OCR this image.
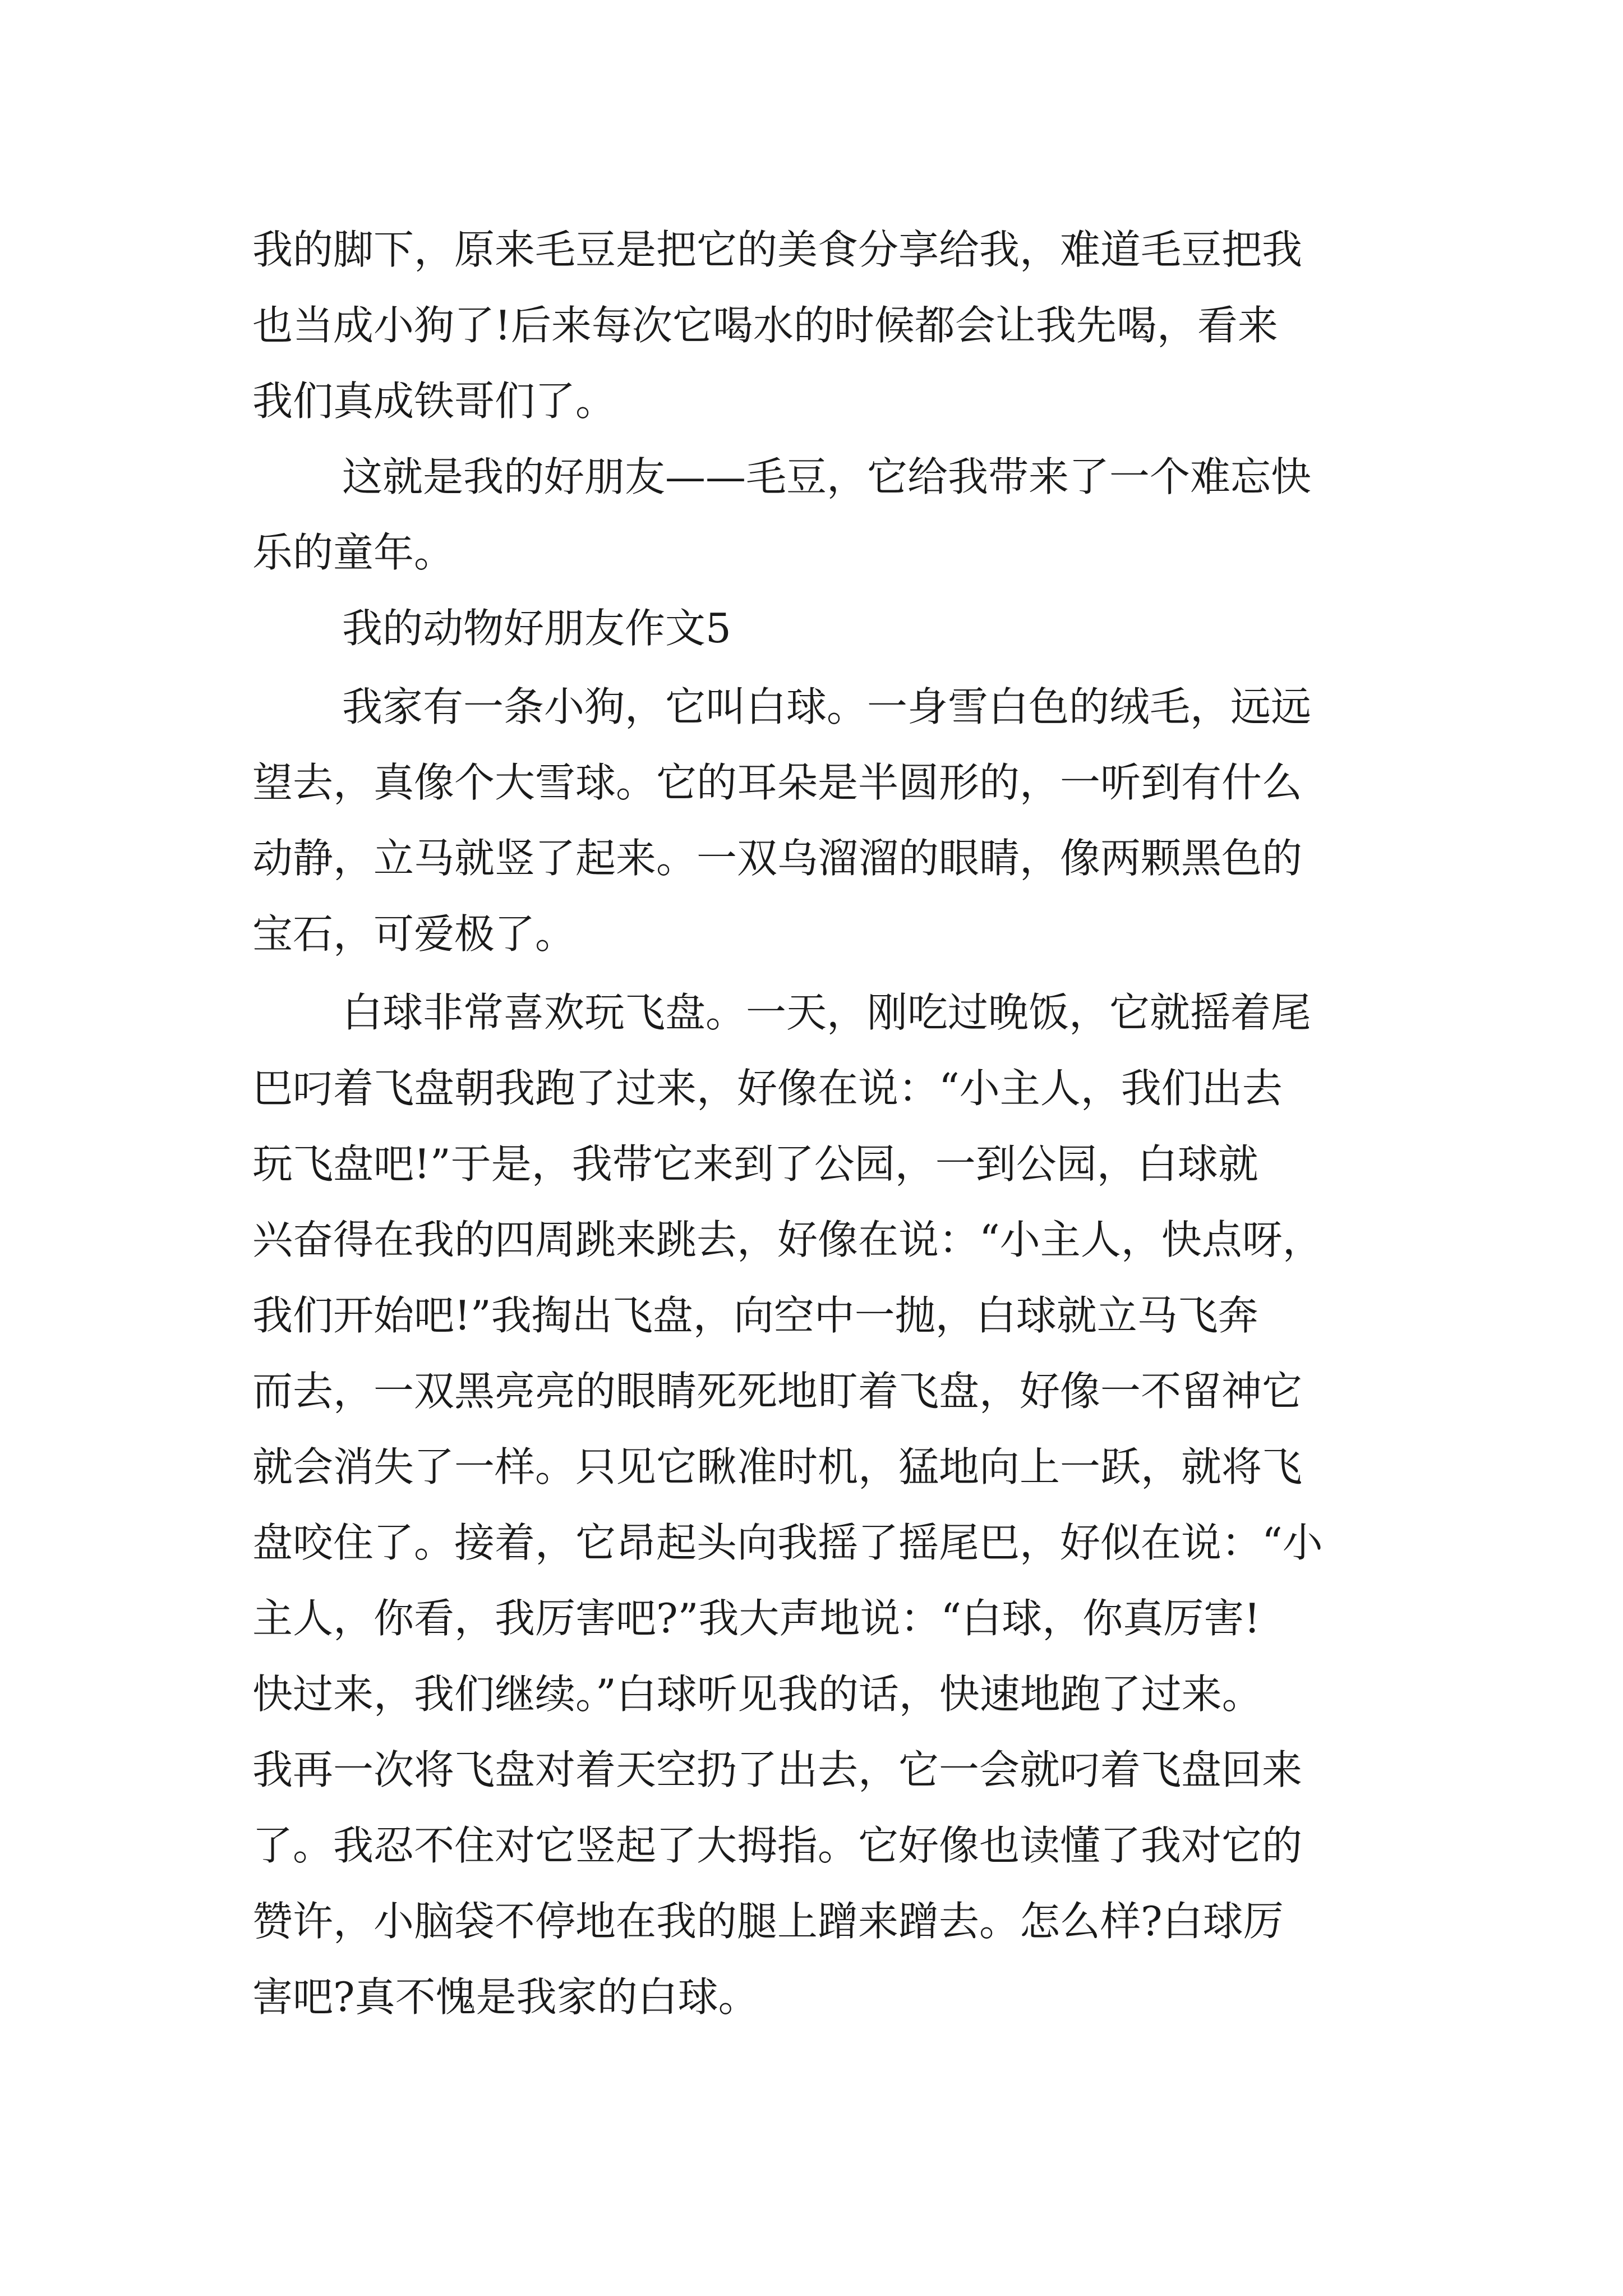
我的脚下，原来毛豆是把它的美食分享给我，难道毛豆把我
也当成小狗了!后来每次它喝水的时候都会让我先喝，看来
我们真成铁哥们了。
这就是我的好朋友——毛豆，它给我带来了一个难忘快
乐的童年。
我的动物好朋友作文5
我家有一条小狗，它叫白球。一身雪白色的绒毛，远远
望去，真像个大雪球。它的耳朵是半圆形的，一听到有什么
动静，立马就竖了起来。一双乌溜溜的眼睛，像两颗黑色的
宝石，可爱极了。
白球非常喜欢玩飞盘。一天，刚吃过晚饭，它就摇着尾
巴叼着飞盘朝我跑了过来，好像在说：“小主人，我们出去
玩飞盘吧!”于是，我带它来到了公园，一到公园，白球就
兴奋得在我的四周跳来跳去，好像在说：“小主人，快点呀，
我们开始吧!”我掏出飞盘，向空中一抛，白球就立马飞奔
而去，一双黑亮亮的眼睛死死地盯着飞盘，好像一不留神它
就会消失了一样。只见它瞅准时机，猛地向上一跃，就将飞
盘咬住了。接着，它昂起头向我摇了摇尾巴，好似在说：“小
主人，你看，我厉害吧?”我大声地说：“白球，你真厉害!
快过来，我们继续。”白球听见我的话，快速地跑了过来。
我再一次将飞盘对着天空扔了出去，它一会就叼着飞盘回来
了。我忍不住对它竖起了大拇指。它好像也读懂了我对它的
赞许，小脑袋不停地在我的腿上蹭来蹭去。怎么样?白球厉
害吧?真不愧是我家的白球。
